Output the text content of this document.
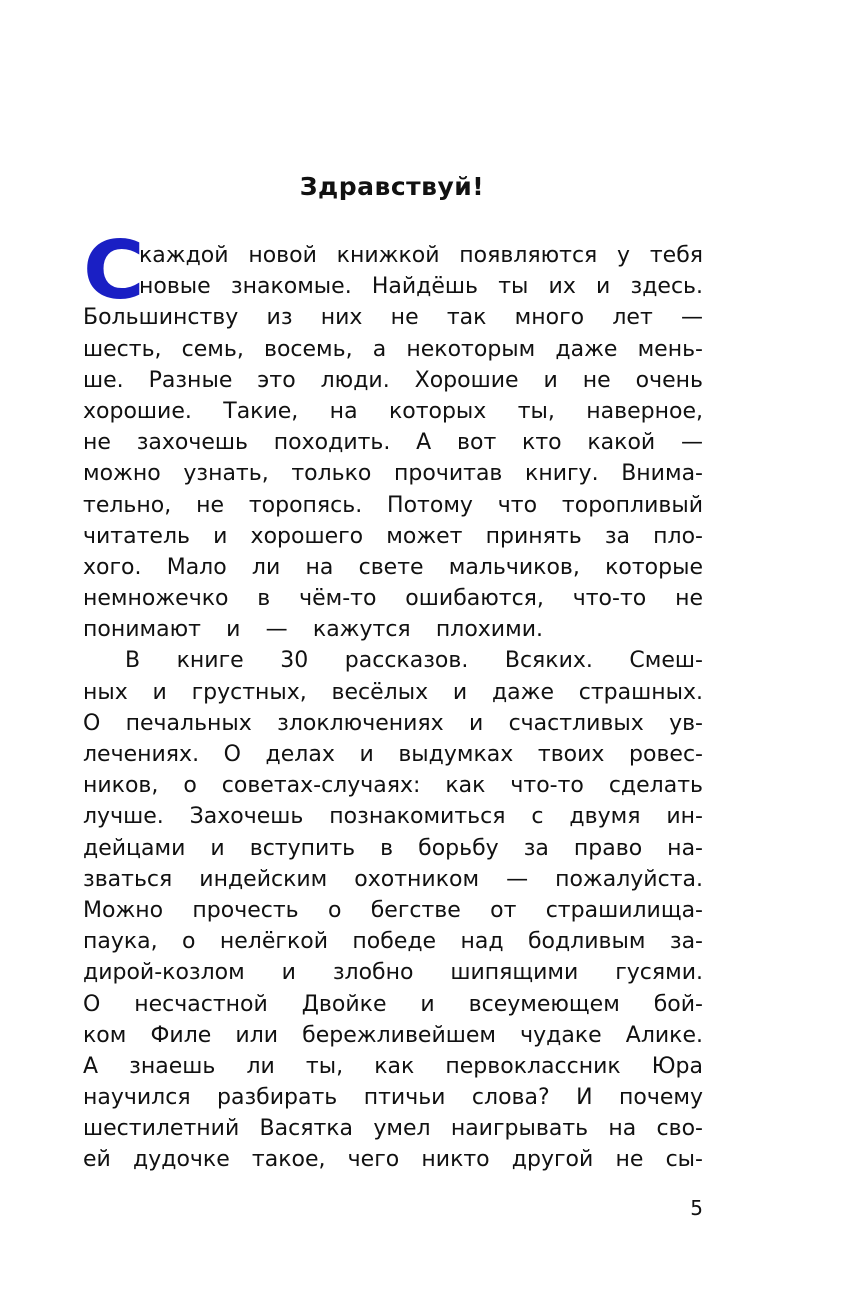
Здравствуй!
С
каждой новой книжкой появляются у тебя
новые знакомые. Найдёшь ты их и здесь.
Большинству из них не так много лет —
шесть, семь, восемь, а некоторым даже мень-
ше. Разные это люди. Хорошие и не очень
хорошие. Такие, на которых ты, наверное,
не захочешь походить. А вот кто какой —
можно узнать, только прочитав книгу. Внима-
тельно, не торопясь. Потому что торопливый
читатель и хорошего может принять за пло-
хого. Мало ли на свете мальчиков, которые
немножечко в чём-то ошибаются, что-то не
понимают и — кажутся плохими.
В книге 30 рассказов. Всяких. Смеш-
ных и грустных, весёлых и даже страшных.
О печальных злоключениях и счастливых ув-
лечениях. О делах и выдумках твоих ровес-
ников, о советах-случаях: как что-то сделать
лучше. Захочешь познакомиться с двумя ин-
дейцами и вступить в борьбу за право на-
зваться индейским охотником — пожалуйста.
Можно прочесть о бегстве от страшилища-
паука, о нелёгкой победе над бодливым за-
дирой-козлом и злобно шипящими гусями.
О несчастной Двойке и всеумеющем бой-
ком Филе или бережливейшем чудаке Алике.
А знаешь ли ты, как первоклассник Юра
научился разбирать птичьи слова? И почему
шестилетний Васятка умел наигрывать на сво-
ей дудочке такое, чего никто другой не сы-
5
